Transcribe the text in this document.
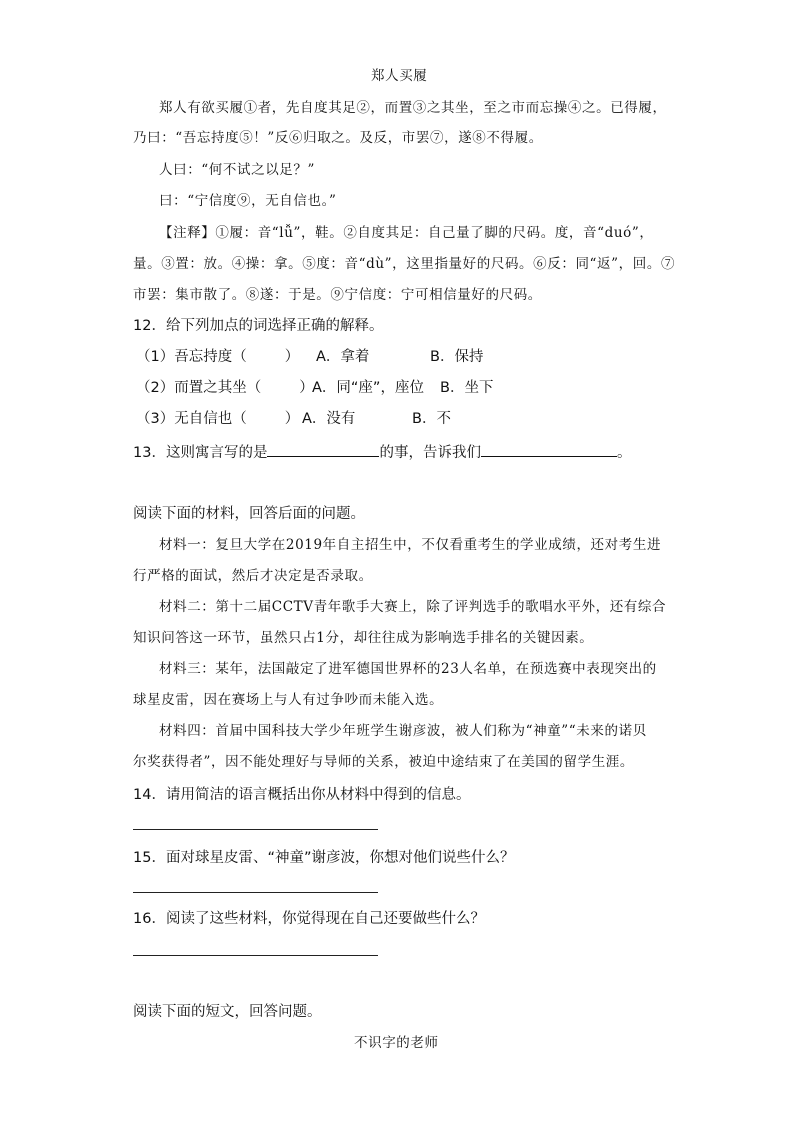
郑人买履
郑人有欲买履①者，先自度其足②，而置③之其坐，至之市而忘操④之。已得履，
乃曰：“吾忘持度⑤！”反⑥归取之。及反，市罢⑦，遂⑧不得履。
人曰：“何不试之以足？”
曰：“宁信度⑨，无自信也。”
【注释】①履：音“lǚ”，鞋。②自度其足：自己量了脚的尺码。度，音“duó”，
量。③置：放。④操：拿。⑤度：音“dù”，这里指量好的尺码。⑥反：同“返”，回。⑦
市罢：集市散了。⑧遂：于是。⑨宁信度：宁可相信量好的尺码。
12．给下列加点的词选择正确的解释。
（1）吾忘持度（	） A．拿着	B．保持
（2）而置之其坐（	）
A．同“座”，座位 B．坐下
（3）无自信也（	） A．没有	B．不
13．这则寓言写的是	的事，告诉我们	。
阅读下面的材料，回答后面的问题。
材料一：复旦大学在2019年自主招生中，不仅看重考生的学业成绩，还对考生进
行严格的面试，然后才决定是否录取。
材料二：第十二届CCTV青年歌手大赛上，除了评判选手的歌唱水平外，还有综合
知识问答这一环节，虽然只占1分，却往往成为影响选手排名的关键因素。
材料三：某年，法国敲定了进军德国世界杯的23人名单，在预选赛中表现突出的
球星皮雷，因在赛场上与人有过争吵而未能入选。
材料四：首届中国科技大学少年班学生谢彦波，被人们称为“神童”“未来的诺贝
尔奖获得者”，因不能处理好与导师的关系，被迫中途结束了在美国的留学生涯。
14．请用简洁的语言概括出你从材料中得到的信息。
15．面对球星皮雷、“神童”谢彦波，你想对他们说些什么？
16．阅读了这些材料，你觉得现在自己还要做些什么？
阅读下面的短文，回答问题。
不识字的老师
